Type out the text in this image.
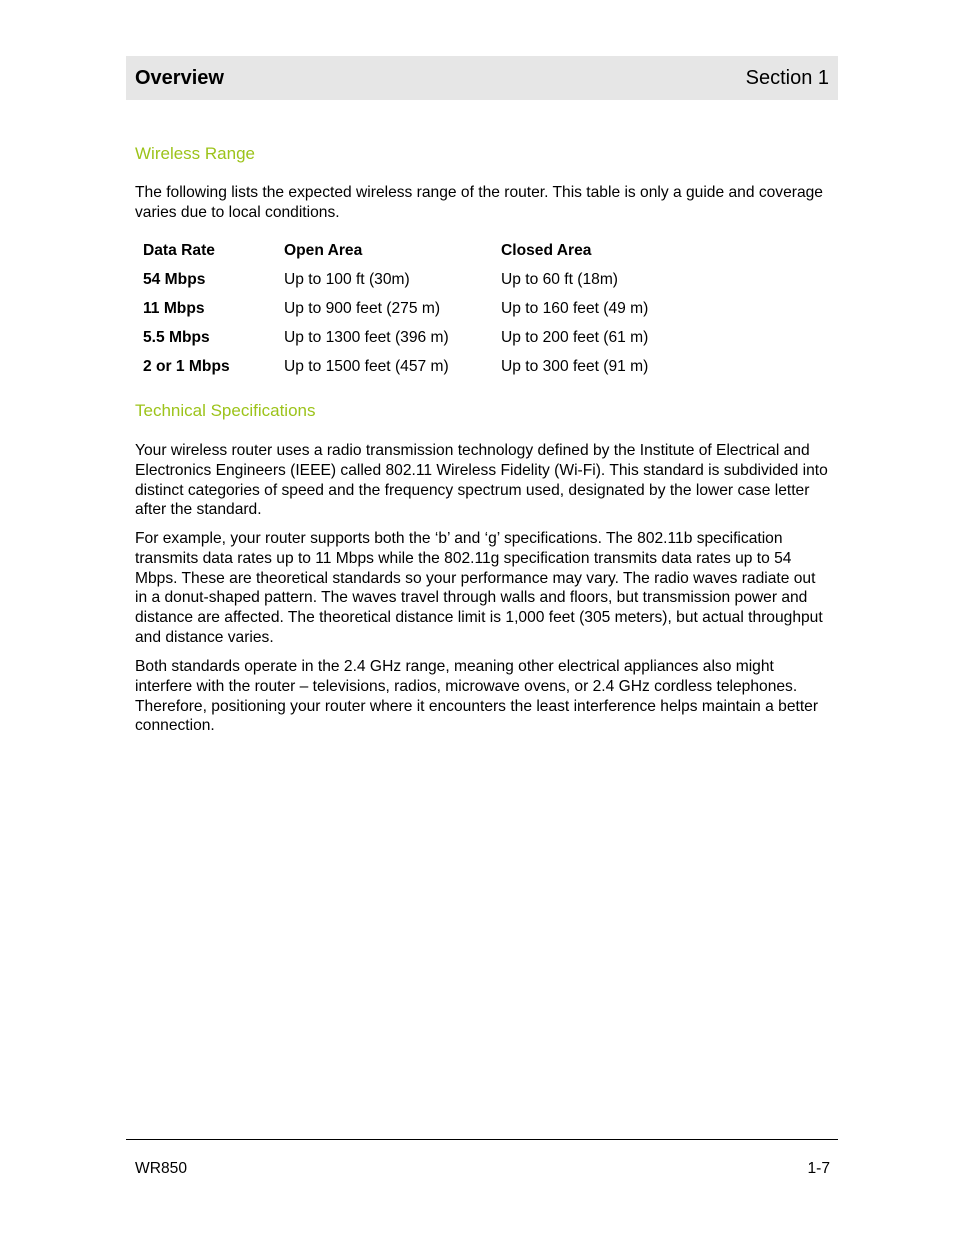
Overview	Section 1
Wireless Range

The following lists the expected wireless range of the router. This table is only a guide and coverage varies due to local conditions.

Data Rate	Open Area	Closed Area
54 Mbps	Up to 100 ft (30m)	Up to 60 ft (18m)
11 Mbps	Up to 900 feet (275 m)	Up to 160 feet (49 m)
5.5 Mbps	Up to 1300 feet (396 m)	Up to 200 feet (61 m)
2 or 1 Mbps	Up to 1500 feet (457 m)	Up to 300 feet (91 m)
Technical Specifications

Your wireless router uses a radio transmission technology defined by the Institute of Electrical and Electronics Engineers (IEEE) called 802.11 Wireless Fidelity (Wi-Fi). This standard is subdivided into distinct categories of speed and the frequency spectrum used, designated by the lower case letter after the standard.

For example, your router supports both the ‘b’ and ‘g’ specifications. The 802.11b specification transmits data rates up to 11 Mbps while the 802.11g specification transmits data rates up to 54 Mbps. These are theoretical standards so your performance may vary. The radio waves radiate out in a donut-shaped pattern. The waves travel through walls and floors, but transmission power and distance are affected. The theoretical distance limit is 1,000 feet (305 meters), but actual throughput and distance varies.

Both standards operate in the 2.4 GHz range, meaning other electrical appliances also might interfere with the router – televisions, radios, microwave ovens, or 2.4 GHz cordless telephones. Therefore, positioning your router where it encounters the least interference helps maintain a better connection.

WR850	1-7
